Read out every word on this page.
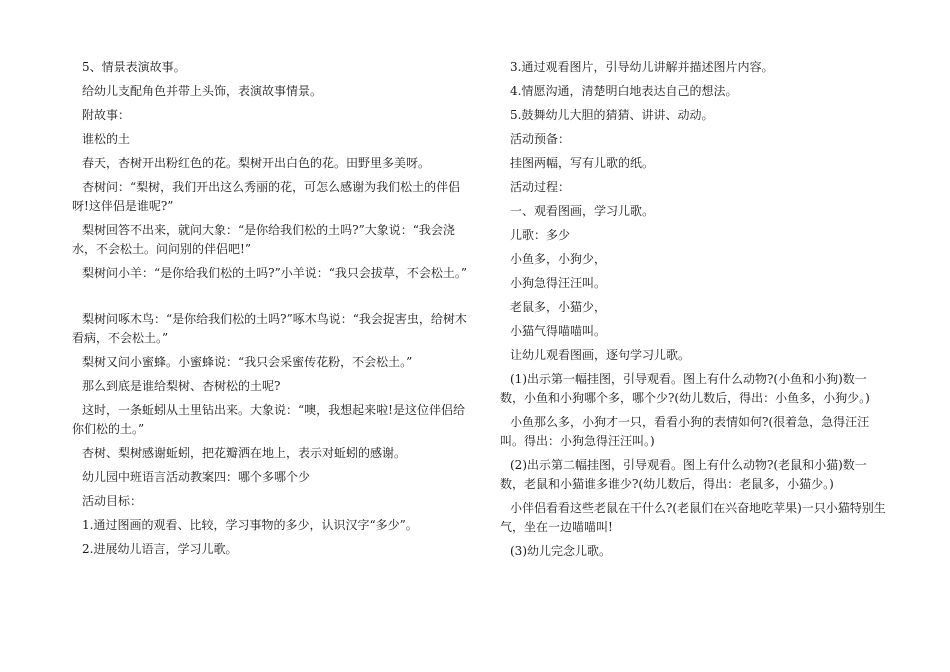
5、情景表演故事。

给幼儿支配角色并带上头饰，表演故事情景。

附故事：

谁松的土

春天，杏树开出粉红色的花。梨树开出白色的花。田野里多美呀。

杏树问：“梨树，我们开出这么秀丽的花，可怎么感谢为我们松土的伴侣呀!这伴侣是谁呢?”

梨树回答不出来，就问大象：“是你给我们松的土吗?”大象说：“我会浇水，不会松土。问问别的伴侣吧!”

梨树问小羊：“是你给我们松的土吗?”小羊说：“我只会拔草，不会松土。”

梨树问啄木鸟：“是你给我们松的土吗?”啄木鸟说：“我会捉害虫，给树木看病，不会松土。”

梨树又问小蜜蜂。小蜜蜂说：“我只会采蜜传花粉，不会松土。”

那么到底是谁给梨树、杏树松的土呢?

这时，一条蚯蚓从土里钻出来。大象说：“噢，我想起来啦!是这位伴侣给你们松的土。”

杏树、梨树感谢蚯蚓，把花瓣洒在地上，表示对蚯蚓的感谢。

幼儿园中班语言活动教案四：哪个多哪个少

活动目标：

1.通过图画的观看、比较，学习事物的多少，认识汉字“多少”。

2.进展幼儿语言，学习儿歌。

3.通过观看图片，引导幼儿讲解并描述图片内容。

4.情愿沟通，清楚明白地表达自己的想法。

5.鼓舞幼儿大胆的猜猜、讲讲、动动。

活动预备：

挂图两幅，写有儿歌的纸。

活动过程：

一、观看图画，学习儿歌。

儿歌：多少

小鱼多，小狗少，

小狗急得汪汪叫。

老鼠多，小猫少，

小猫气得喵喵叫。

让幼儿观看图画，逐句学习儿歌。

(1)出示第一幅挂图，引导观看。图上有什么动物?(小鱼和小狗)数一数，小鱼和小狗哪个多，哪个少?(幼儿数后，得出：小鱼多，小狗少。)

小鱼那么多，小狗才一只，看看小狗的表情如何?(很着急，急得汪汪叫。得出：小狗急得汪汪叫。)

(2)出示第二幅挂图，引导观看。图上有什么动物?(老鼠和小猫)数一数，老鼠和小猫谁多谁少?(幼儿数后，得出：老鼠多，小猫少。)

小伴侣看看这些老鼠在干什么?(老鼠们在兴奋地吃苹果)一只小猫特别生气，坐在一边喵喵叫!

(3)幼儿完念儿歌。
